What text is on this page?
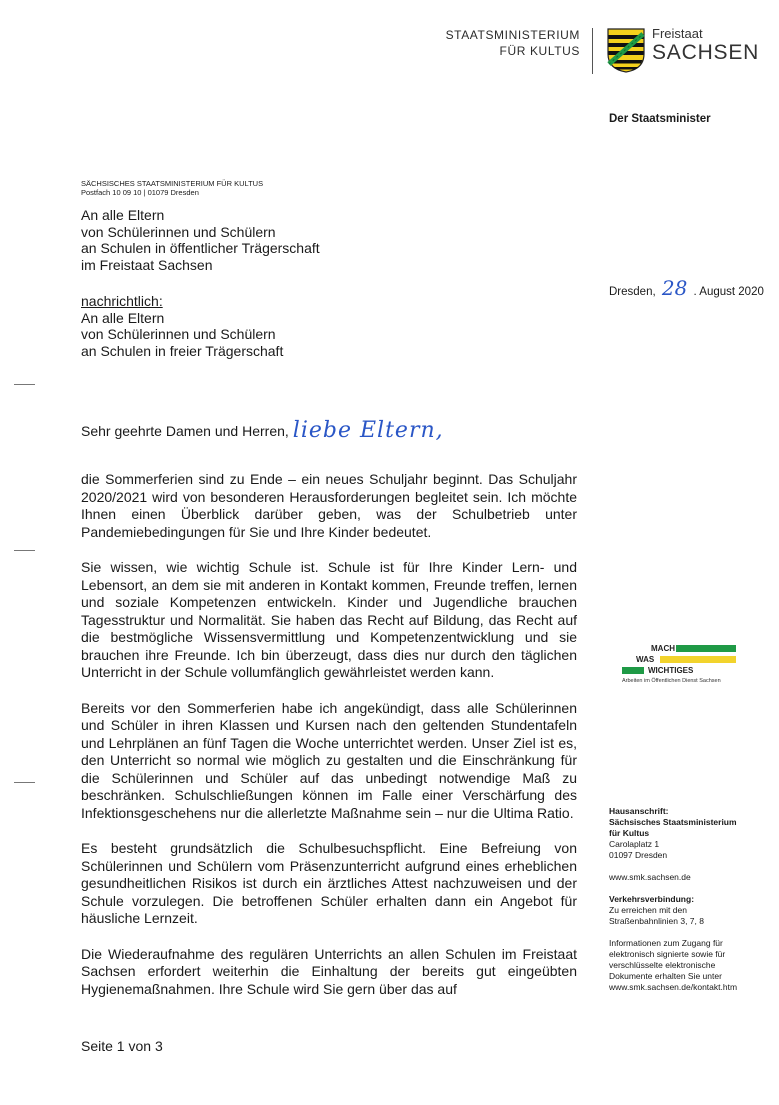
STAATSMINISTERIUM
FÜR KULTUS
Freistaat
SACHSEN
Der Staatsminister
SÄCHSISCHES STAATSMINISTERIUM FÜR KULTUS
Postfach 10 09 10 | 01079 Dresden
An alle Eltern
von Schülerinnen und Schülern
an Schulen in öffentlicher Trägerschaft
im Freistaat Sachsen
nachrichtlich:
An alle Eltern
von Schülerinnen und Schülern
an Schulen in freier Trägerschaft
Dresden, 28 . August 2020
Sehr geehrte Damen und Herren, liebe Eltern,

die Sommerferien sind zu Ende – ein neues Schuljahr beginnt. Das Schuljahr 2020/2021 wird von besonderen Herausforderungen begleitet sein. Ich möchte Ihnen einen Überblick darüber geben, was der Schulbetrieb unter Pandemiebedingungen für Sie und Ihre Kinder bedeutet.

Sie wissen, wie wichtig Schule ist. Schule ist für Ihre Kinder Lern- und Lebensort, an dem sie mit anderen in Kontakt kommen, Freunde treffen, lernen und soziale Kompetenzen entwickeln. Kinder und Jugendliche brauchen Tagesstruktur und Normalität. Sie haben das Recht auf Bildung, das Recht auf die bestmögliche Wissensvermittlung und Kompetenzentwicklung und sie brauchen ihre Freunde. Ich bin überzeugt, dass dies nur durch den täglichen Unterricht in der Schule vollumfänglich gewährleistet werden kann.

Bereits vor den Sommerferien habe ich angekündigt, dass alle Schülerinnen und Schüler in ihren Klassen und Kursen nach den geltenden Stundentafeln und Lehrplänen an fünf Tagen die Woche unterrichtet werden. Unser Ziel ist es, den Unterricht so normal wie möglich zu gestalten und die Einschränkung für die Schülerinnen und Schüler auf das unbedingt notwendige Maß zu beschränken. Schulschließungen können im Falle einer Verschärfung des Infektionsgeschehens nur die allerletzte Maßnahme sein – nur die Ultima Ratio.

Es besteht grundsätzlich die Schulbesuchspflicht. Eine Befreiung von Schülerinnen und Schülern vom Präsenzunterricht aufgrund eines erheblichen gesundheitlichen Risikos ist durch ein ärztliches Attest nachzuweisen und der Schule vorzulegen. Die betroffenen Schüler erhalten dann ein Angebot für häusliche Lernzeit.

Die Wiederaufnahme des regulären Unterrichts an allen Schulen im Freistaat Sachsen erfordert weiterhin die Einhaltung der bereits gut eingeübten Hygienemaßnahmen. Ihre Schule wird Sie gern über das auf

Seite 1 von 3
MACH
WAS
WICHTIGES
Arbeiten im Öffentlichen Dienst Sachsen
Hausanschrift:
Sächsisches Staatsministerium
für Kultus
Carolaplatz 1
01097 Dresden
www.smk.sachsen.de
Verkehrsverbindung:
Zu erreichen mit den
Straßenbahnlinien 3, 7, 8
Informationen zum Zugang für
elektronisch signierte sowie für
verschlüsselte elektronische
Dokumente erhalten Sie unter
www.smk.sachsen.de/kontakt.htm
